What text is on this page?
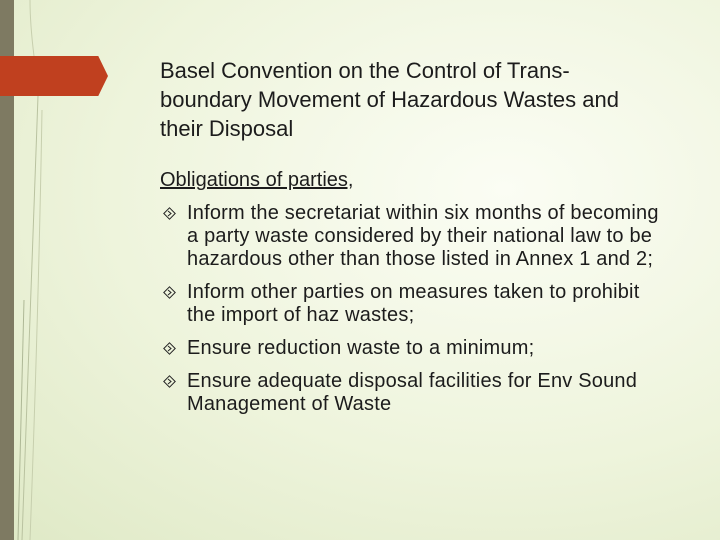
Basel Convention on the Control of Trans-boundary Movement of Hazardous Wastes and their Disposal
Obligations of parties,
Inform the secretariat within six months of becoming a party waste considered by their national law to be hazardous other than those listed in Annex 1 and 2;
Inform other parties on measures taken to prohibit the import of haz wastes;
Ensure reduction waste to a minimum;
Ensure adequate disposal facilities for Env Sound Management of Waste
